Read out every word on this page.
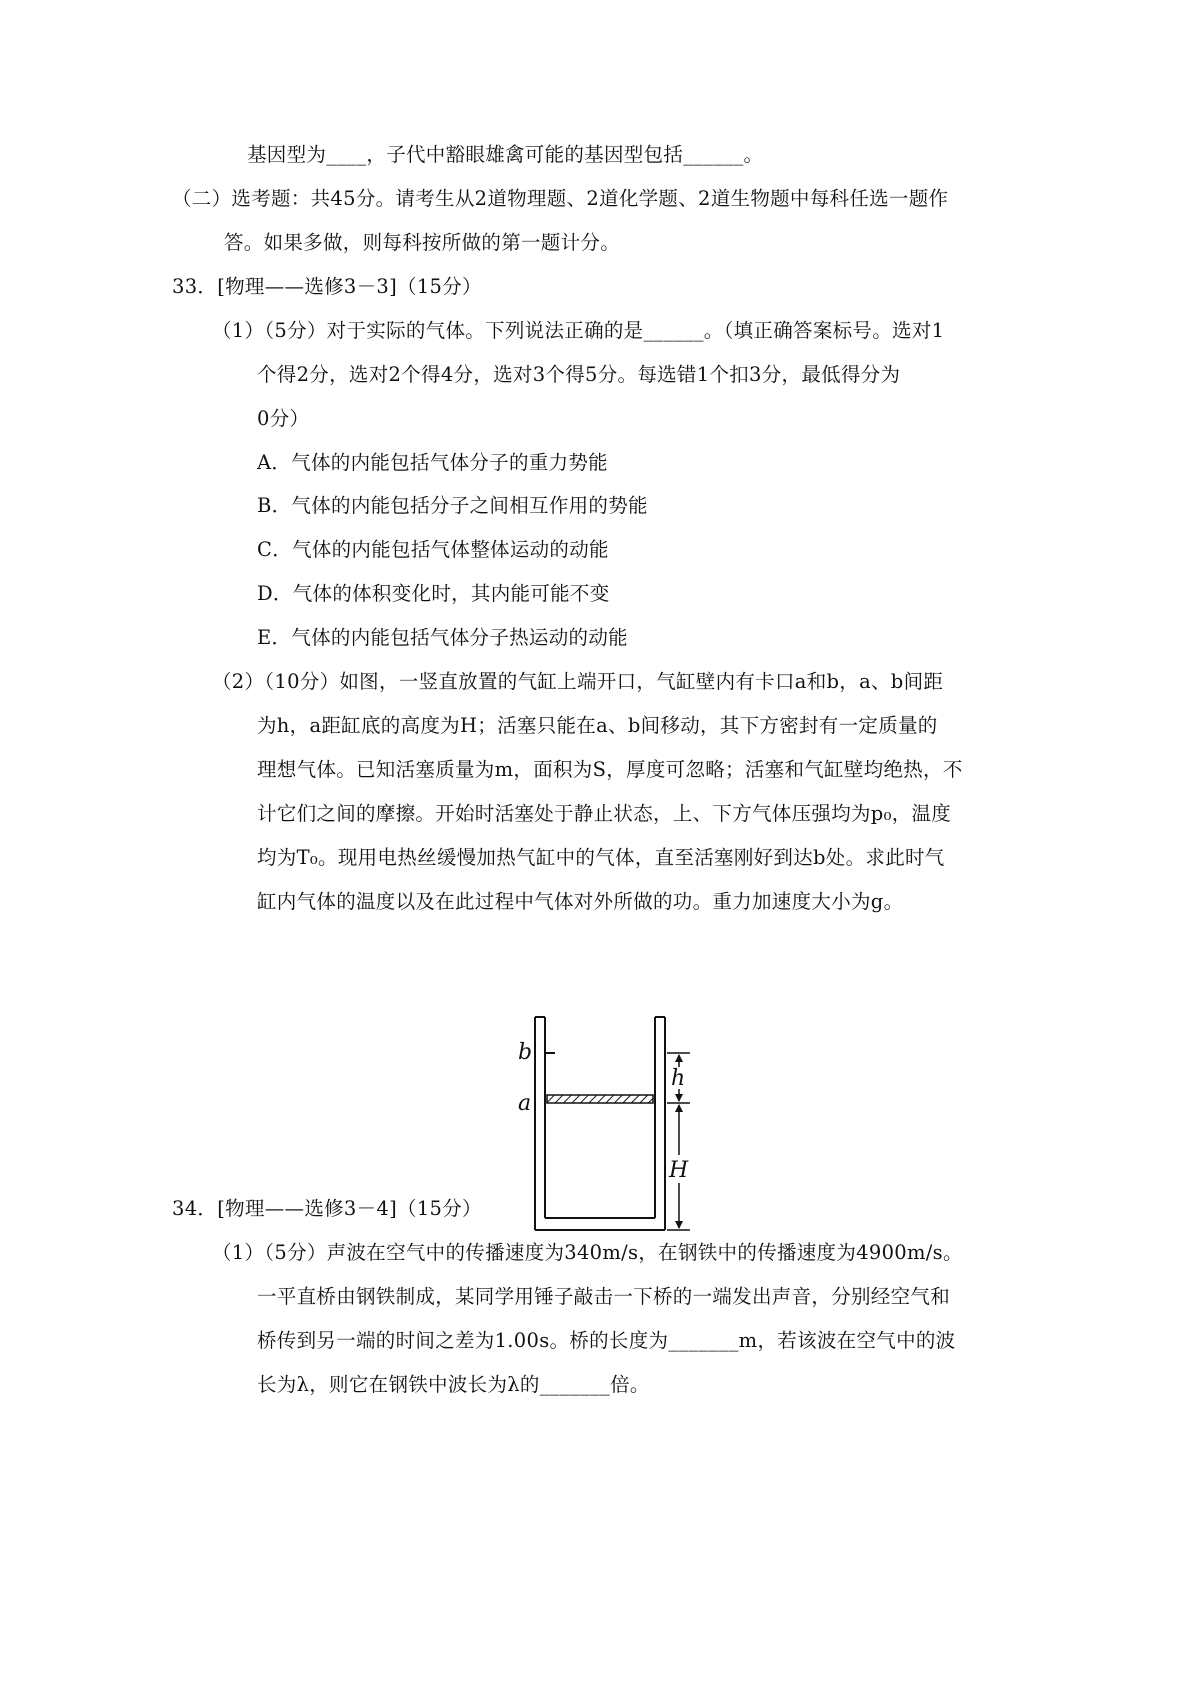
基因型为____，子代中豁眼雄禽可能的基因型包括______。
（二）选考题：共45分。请考生从2道物理题、2道化学题、2道生物题中每科任选一题作
答。如果多做，则每科按所做的第一题计分。
33．[物理——选修3－3]（15分）
（1）（5分）对于实际的气体。下列说法正确的是______。（填正确答案标号。选对1
个得2分，选对2个得4分，选对3个得5分。每选错1个扣3分，最低得分为
0分）
A．气体的内能包括气体分子的重力势能
B．气体的内能包括分子之间相互作用的势能
C．气体的内能包括气体整体运动的动能
D．气体的体积变化时，其内能可能不变
E．气体的内能包括气体分子热运动的动能
（2）（10分）如图，一竖直放置的气缸上端开口，气缸壁内有卡口a和b，a、b间距
为h，a距缸底的高度为H；活塞只能在a、b间移动，其下方密封有一定质量的
理想气体。已知活塞质量为m，面积为S，厚度可忽略；活塞和气缸壁均绝热，不
计它们之间的摩擦。开始时活塞处于静止状态，上、下方气体压强均为p₀，温度
均为T₀。现用电热丝缓慢加热气缸中的气体，直至活塞刚好到达b处。求此时气
缸内气体的温度以及在此过程中气体对外所做的功。重力加速度大小为g。
b
a
h
H
34．[物理——选修3－4]（15分）
（1）（5分）声波在空气中的传播速度为340m/s，在钢铁中的传播速度为4900m/s。
一平直桥由钢铁制成，某同学用锤子敲击一下桥的一端发出声音，分别经空气和
桥传到另一端的时间之差为1.00s。桥的长度为_______m，若该波在空气中的波
长为λ，则它在钢铁中波长为λ的_______倍。
